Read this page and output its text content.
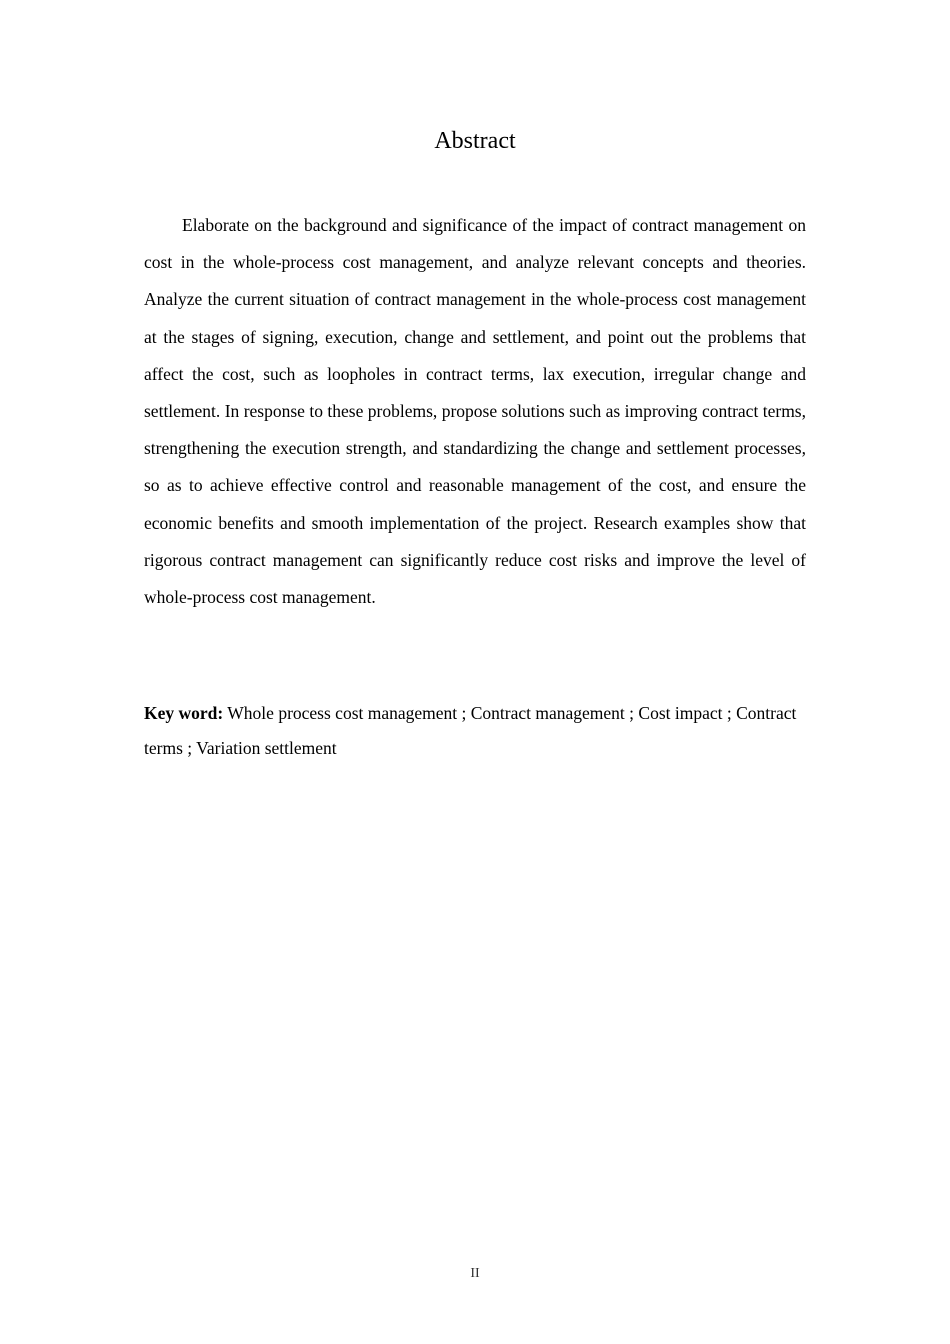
Abstract

Elaborate on the background and significance of the impact of contract management on cost in the whole-process cost management, and analyze relevant concepts and theories. Analyze the current situation of contract management in the whole-process cost management at the stages of signing, execution, change and settlement, and point out the problems that affect the cost, such as loopholes in contract terms, lax execution, irregular change and settlement. In response to these problems, propose solutions such as improving contract terms, strengthening the execution strength, and standardizing the change and settlement processes, so as to achieve effective control and reasonable management of the cost, and ensure the economic benefits and smooth implementation of the project. Research examples show that rigorous contract management can significantly reduce cost risks and improve the level of whole-process cost management.

Key word: Whole process cost management ; Contract management ; Cost impact ; Contract terms ; Variation settlement

II
